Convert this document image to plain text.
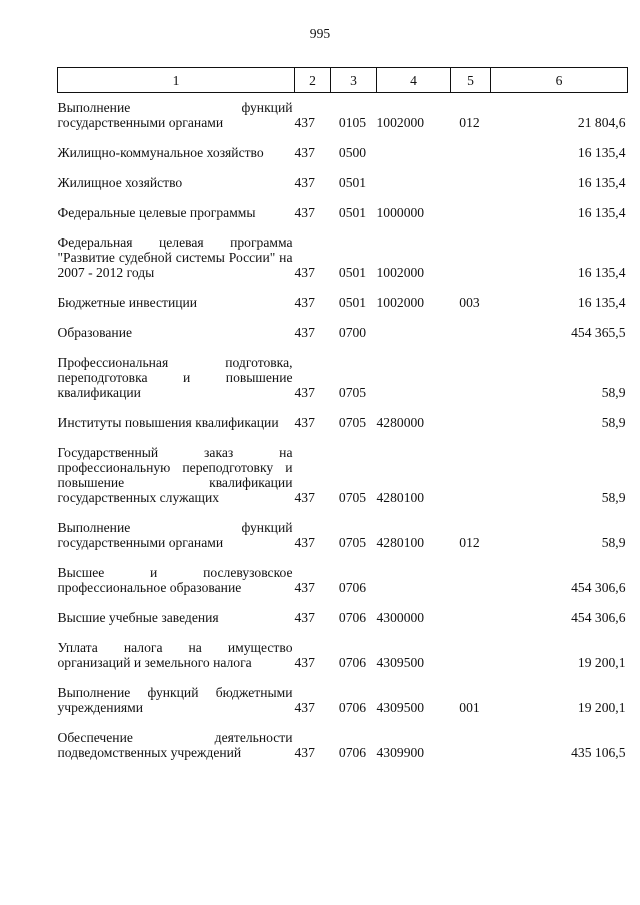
995
1	2	3	4	5	6
Выполнение функций государственными органами	437	0105	1002000	012	21 804,6
Жилищно-коммунальное хозяйство	437	0500			16 135,4
Жилищное хозяйство	437	0501			16 135,4
Федеральные целевые программы	437	0501	1000000		16 135,4
Федеральная целевая программа "Развитие судебной системы России" на 2007 - 2012 годы	437	0501	1002000		16 135,4
Бюджетные инвестиции	437	0501	1002000	003	16 135,4
Образование	437	0700			454 365,5
Профессиональная подготовка, переподготовка и повышение квалификации	437	0705			58,9
Институты повышения квалификации	437	0705	4280000		58,9
Государственный заказ на профессиональную переподготовку и повышение квалификации государственных служащих	437	0705	4280100		58,9
Выполнение функций государственными органами	437	0705	4280100	012	58,9
Высшее и послевузовское профессиональное образование	437	0706			454 306,6
Высшие учебные заведения	437	0706	4300000		454 306,6
Уплата налога на имущество организаций и земельного налога	437	0706	4309500		19 200,1
Выполнение функций бюджетными учреждениями	437	0706	4309500	001	19 200,1
Обеспечение деятельности подведомственных учреждений	437	0706	4309900		435 106,5
